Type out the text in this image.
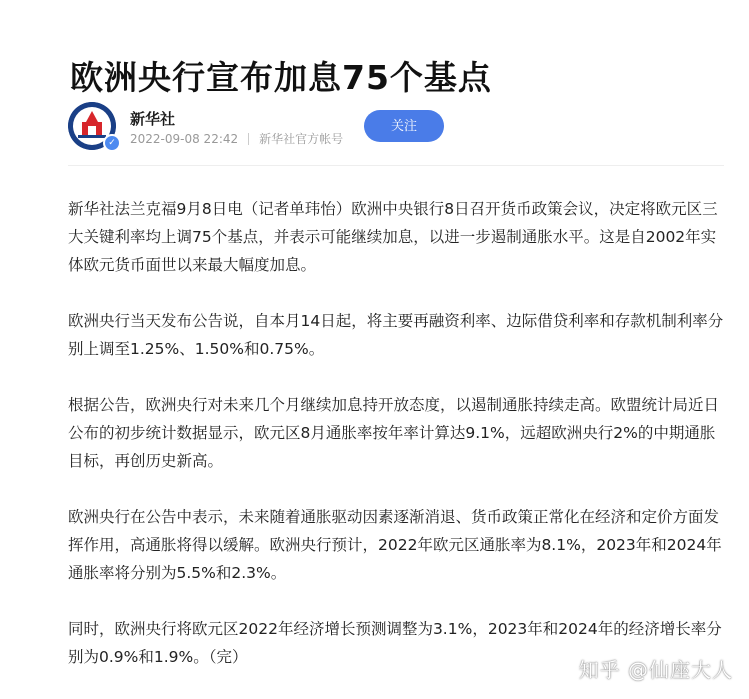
欧洲央行宣布加息75个基点
✓
新华社
2022-09-08 22:42 新华社官方帐号
关注

新华社法兰克福9月8日电（记者单玮怡）欧洲中央银行8日召开货币政策会议，决定将欧元区三大关键利率均上调75个基点，并表示可能继续加息，以进一步遏制通胀水平。这是自2002年实体欧元货币面世以来最大幅度加息。

欧洲央行当天发布公告说，自本月14日起，将主要再融资利率、边际借贷利率和存款机制利率分别上调至1.25%、1.50%和0.75%。

根据公告，欧洲央行对未来几个月继续加息持开放态度，以遏制通胀持续走高。欧盟统计局近日公布的初步统计数据显示，欧元区8月通胀率按年率计算达9.1%，远超欧洲央行2%的中期通胀目标，再创历史新高。

欧洲央行在公告中表示，未来随着通胀驱动因素逐渐消退、货币政策正常化在经济和定价方面发挥作用，高通胀将得以缓解。欧洲央行预计，2022年欧元区通胀率为8.1%，2023年和2024年通胀率将分别为5.5%和2.3%。

同时，欧洲央行将欧元区2022年经济增长预测调整为3.1%，2023年和2024年的经济增长率分别为0.9%和1.9%。（完）

知乎 @仙座大人
